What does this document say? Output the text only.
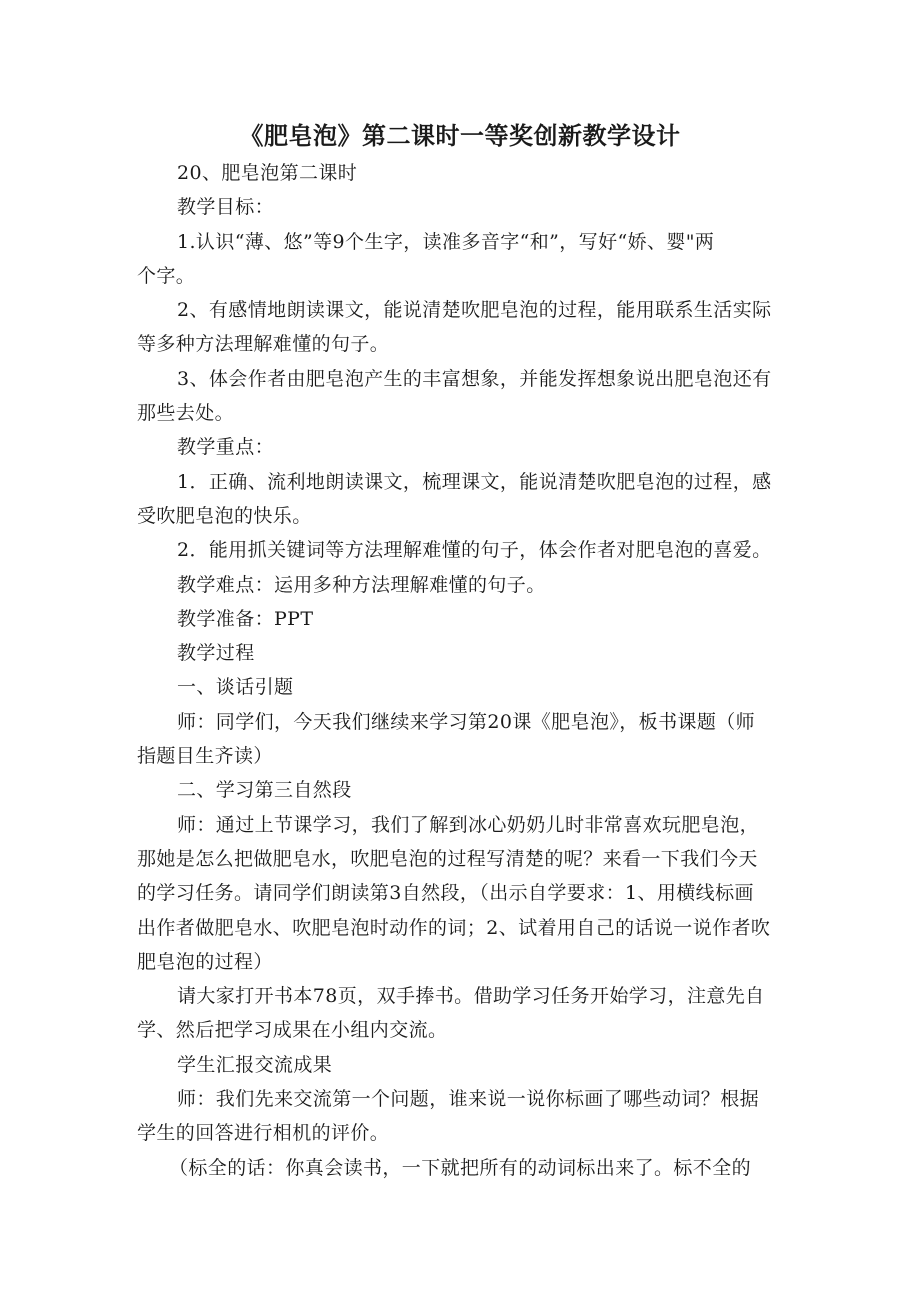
《肥皂泡》第二课时一等奖创新教学设计
20、肥皂泡第二课时
教学目标：
1.认识“薄、悠”等9个生字，读准多音字“和”，写好“娇、婴"两
个字。
2、有感情地朗读课文，能说清楚吹肥皂泡的过程，能用联系生活实际
等多种方法理解难懂的句子。
3、体会作者由肥皂泡产生的丰富想象，并能发挥想象说出肥皂泡还有
那些去处。
教学重点：
1．正确、流利地朗读课文，梳理课文，能说清楚吹肥皂泡的过程，感
受吹肥皂泡的快乐。
2．能用抓关键词等方法理解难懂的句子，体会作者对肥皂泡的喜爱。
教学难点：运用多种方法理解难懂的句子。
教学准备：PPT
教学过程
一、谈话引题
师：同学们，今天我们继续来学习第20课《肥皂泡》，板书课题（师
指题目生齐读）
二、学习第三自然段
师：通过上节课学习，我们了解到冰心奶奶儿时非常喜欢玩肥皂泡，
那她是怎么把做肥皂水，吹肥皂泡的过程写清楚的呢？来看一下我们今天
的学习任务。请同学们朗读第3自然段，（出示自学要求：1、用横线标画
出作者做肥皂水、吹肥皂泡时动作的词；2、试着用自己的话说一说作者吹
肥皂泡的过程）
请大家打开书本78页，双手捧书。借助学习任务开始学习，注意先自
学、然后把学习成果在小组内交流。
学生汇报交流成果
师：我们先来交流第一个问题，谁来说一说你标画了哪些动词？根据
学生的回答进行相机的评价。
（标全的话：你真会读书，一下就把所有的动词标出来了。标不全的
